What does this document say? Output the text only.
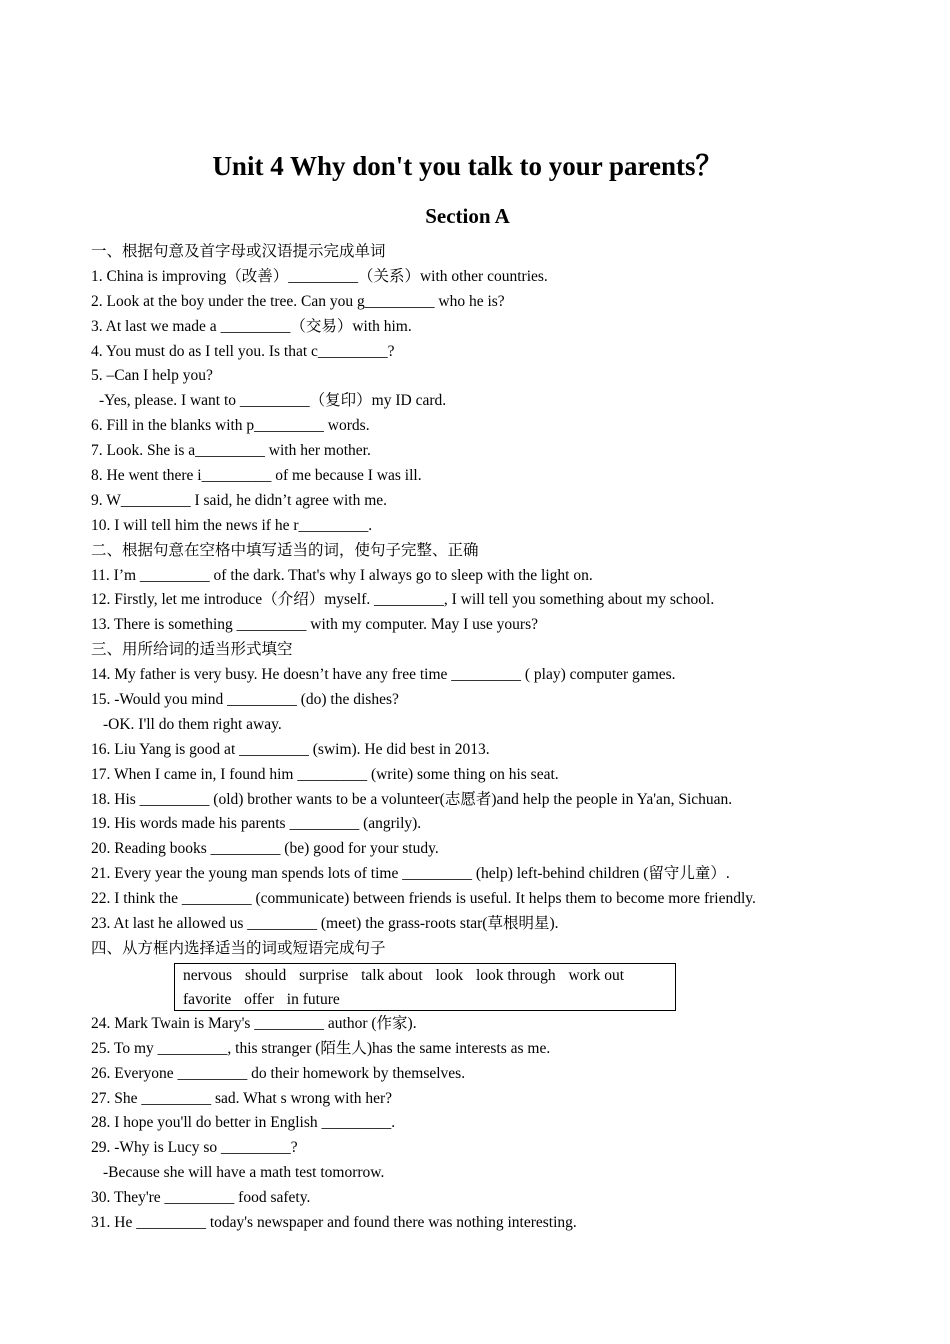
Unit 4 Why don't you talk to your parents？
Section A
一、根据句意及首字母或汉语提示完成单词
1. China is improving（改善）_________（关系）with other countries.
2. Look at the boy under the tree. Can you g_________ who he is?
3. At last we made a _________（交易）with him.
4. You must do as I tell you. Is that c_________?
5. –Can I help you?
-Yes, please. I want to _________（复印）my ID card.
6. Fill in the blanks with p_________ words.
7. Look. She is a_________ with her mother.
8. He went there i_________ of me because I was ill.
9. W_________ I said, he didn’t agree with me.
10. I will tell him the news if he r_________.
二、根据句意在空格中填写适当的词，使句子完整、正确
11. I’m _________ of the dark. That's why I always go to sleep with the light on.
12. Firstly, let me introduce（介绍）myself. _________, I will tell you something about my school.
13. There is something _________ with my computer. May I use yours?
三、用所给词的适当形式填空
14. My father is very busy. He doesn’t have any free time _________ ( play) computer games.
15. -Would you mind _________ (do) the dishes?
-OK. I'll do them right away.
16. Liu Yang is good at _________ (swim). He did best in 2013.
17. When I came in, I found him _________ (write) some thing on his seat.
18. His _________ (old) brother wants to be a volunteer(志愿者)and help the people in Ya'an, Sichuan.
19. His words made his parents _________ (angrily).
20. Reading books _________ (be) good for your study.
21. Every year the young man spends lots of time _________ (help) left-behind children (留守儿童）.
22. I think the _________ (communicate) between friends is useful. It helps them to become more friendly.
23. At last he allowed us _________ (meet) the grass-roots star(草根明星).
四、从方框内选择适当的词或短语完成句子
nervous should surprise talk about look look through work out
favorite offer in future
24. Mark Twain is Mary's _________ author (作家).
25. To my _________, this stranger (陌生人)has the same interests as me.
26. Everyone _________ do their homework by themselves.
27. She _________ sad. What s wrong with her?
28. I hope you'll do better in English _________.
29. -Why is Lucy so _________?
-Because she will have a math test tomorrow.
30. They're _________ food safety.
31. He _________ today's newspaper and found there was nothing interesting.
